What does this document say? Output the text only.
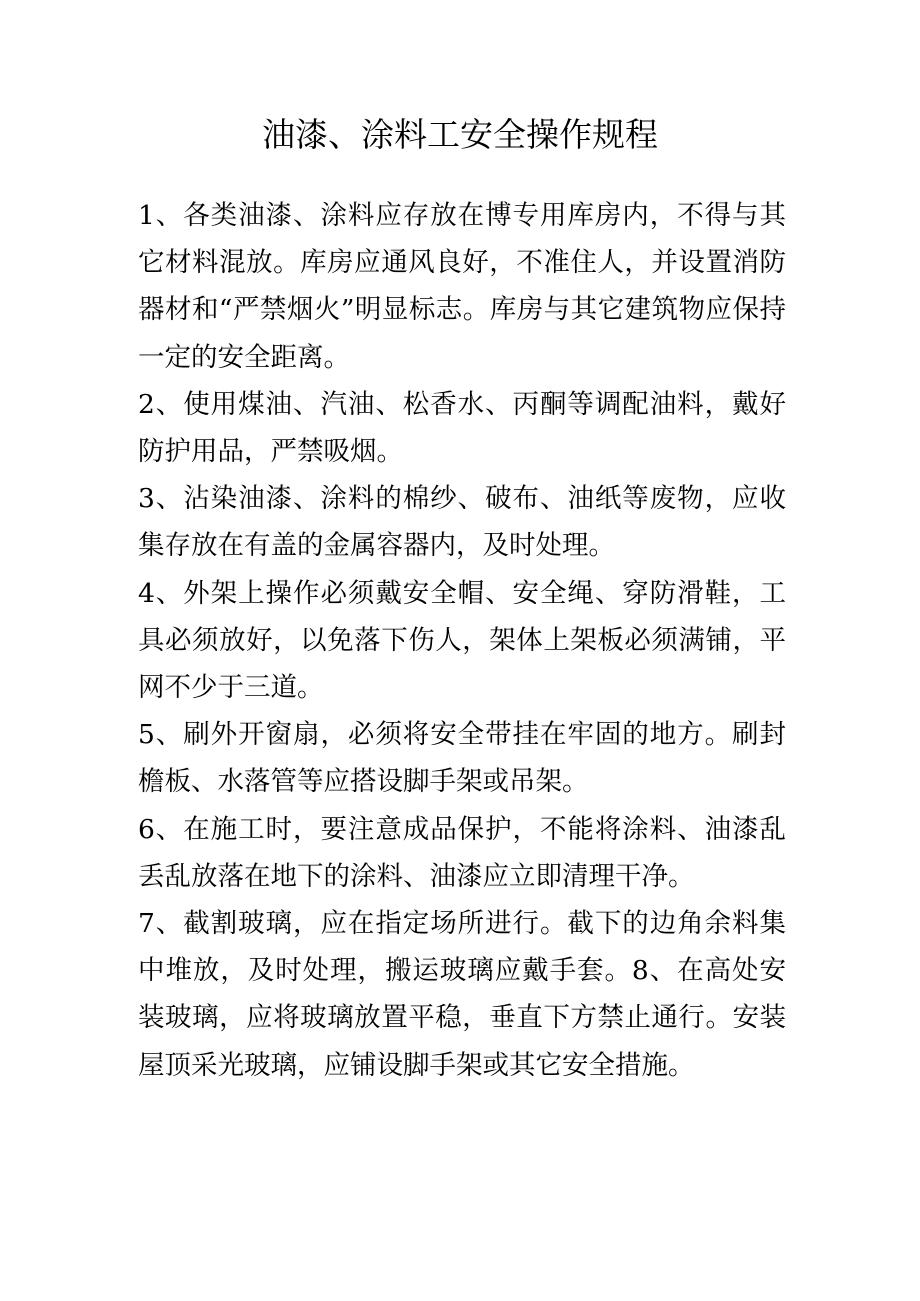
油漆、涂料工安全操作规程

1、各类油漆、涂料应存放在博专用库房内，不得与其它材料混放。库房应通风良好，不准住人，并设置消防器材和“严禁烟火”明显标志。库房与其它建筑物应保持一定的安全距离。

2、使用煤油、汽油、松香水、丙酮等调配油料，戴好防护用品，严禁吸烟。

3、沾染油漆、涂料的棉纱、破布、油纸等废物，应收集存放在有盖的金属容器内，及时处理。

4、外架上操作必须戴安全帽、安全绳、穿防滑鞋，工具必须放好，以免落下伤人，架体上架板必须满铺，平网不少于三道。

5、刷外开窗扇，必须将安全带挂在牢固的地方。刷封檐板、水落管等应搭设脚手架或吊架。

6、在施工时，要注意成品保护，不能将涂料、油漆乱丢乱放落在地下的涂料、油漆应立即清理干净。

7、截割玻璃，应在指定场所进行。截下的边角余料集中堆放，及时处理，搬运玻璃应戴手套。8、在高处安装玻璃，应将玻璃放置平稳，垂直下方禁止通行。安装屋顶采光玻璃，应铺设脚手架或其它安全措施。
